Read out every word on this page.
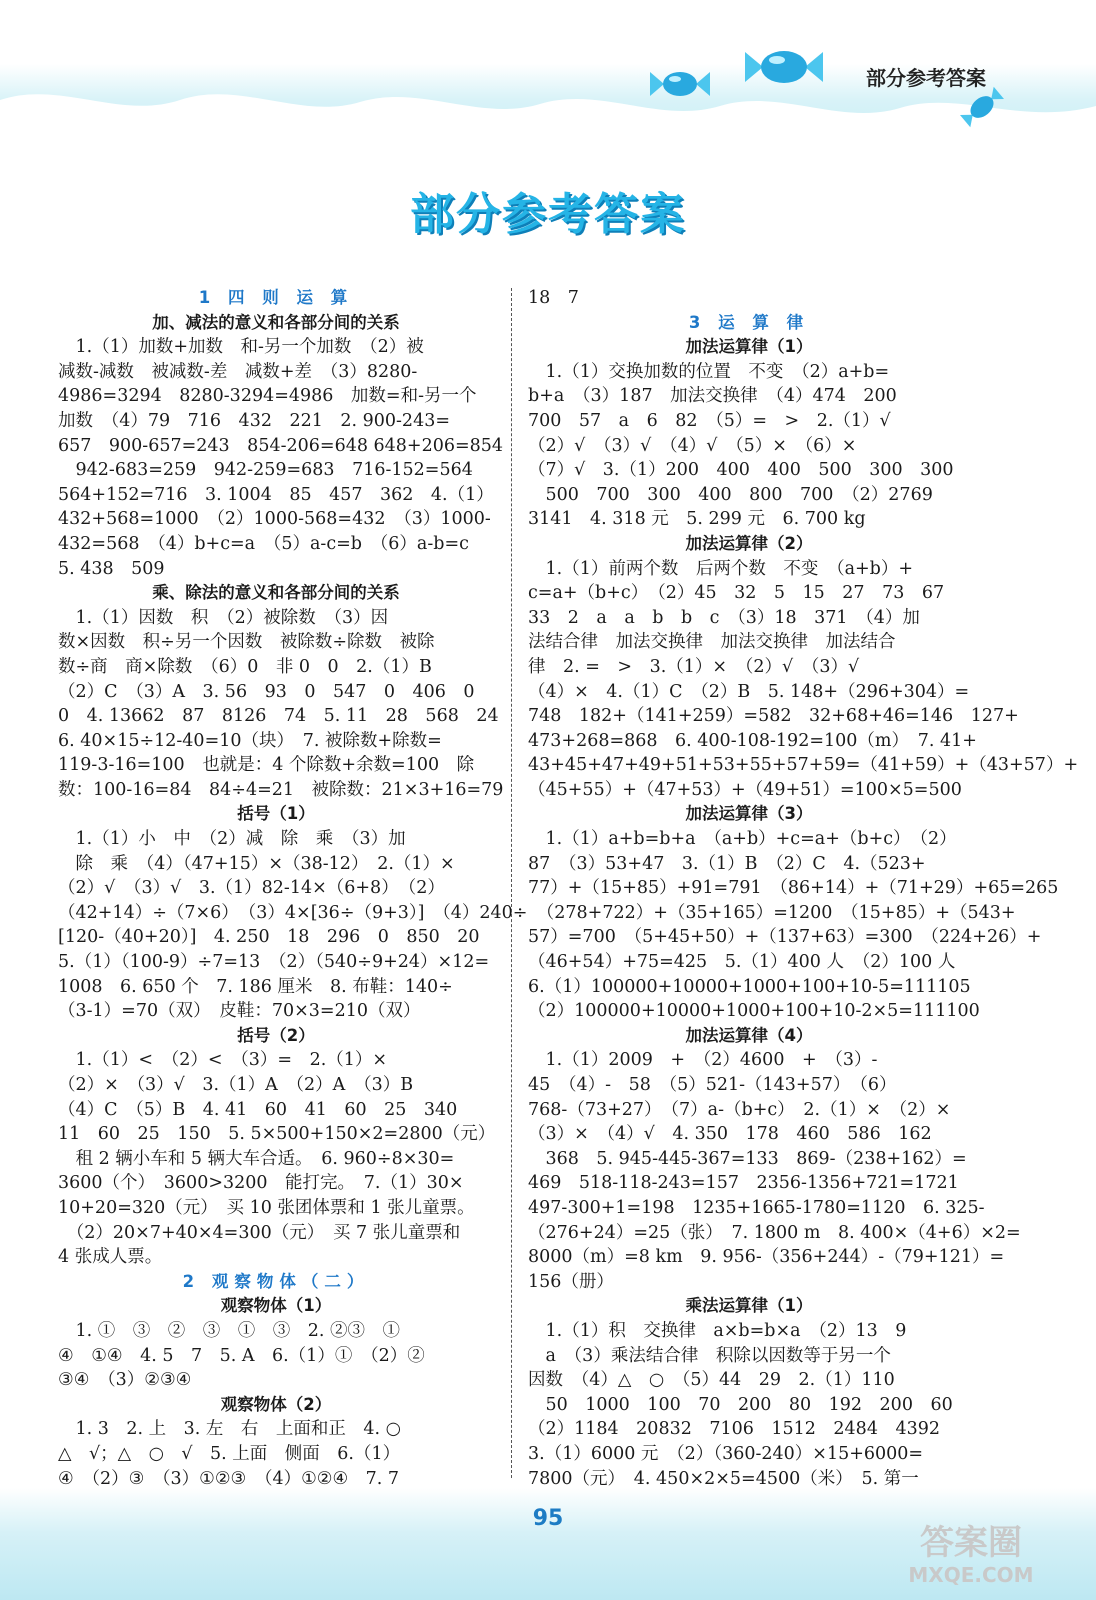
部分参考答案
部分参考答案
1 四 则 运 算
加、减法的意义和各部分间的关系
　1.（1）加数+加数　和-另一个加数　（2）被
减数-减数　被减数-差　减数+差　（3）8280-
4986=3294　8280-3294=4986　加数=和-另一个
加数　（4）79　716　432　221　2. 900-243=
657　900-657=243　854-206=648 648+206=854
　942-683=259　942-259=683　716-152=564
564+152=716　3. 1004　85　457　362　4.（1）
432+568=1000　（2）1000-568=432　（3）1000-
432=568　（4）b+c=a　（5）a-c=b　（6）a-b=c
5. 438　509
乘、除法的意义和各部分间的关系
　1.（1）因数　积　（2）被除数　（3）因
数×因数　积÷另一个因数　被除数÷除数　被除
数÷商　商×除数　（6）0　非 0　0　2.（1）B
（2）C　（3）A　3. 56　93　0　547　0　406　0
0　4. 13662　87　8126　74　5. 11　28　568　24
6. 40×15÷12-40=10（块）　7. 被除数+除数=
119-3-16=100　也就是：4 个除数+余数=100　除
数：100-16=84　84÷4=21　被除数：21×3+16=79
括号（1）
　1.（1）小　中　（2）减　除　乘　（3）加
　除　乘　（4）（47+15）×（38-12）　2.（1）×
（2）√　（3）√　3.（1）82-14×（6+8）　（2）
（42+14）÷（7×6）　（3）4×[36÷（9+3）]　（4）240÷
[120-（40+20）]　4. 250　18　296　0　850　20
5.（1）（100-9）÷7=13　（2）（540÷9+24）×12=
1008　6. 650 个　7. 186 厘米　8. 布鞋：140÷
（3-1）=70（双）　皮鞋：70×3=210（双）
括号（2）
　1.（1）<　（2）<　（3）=　2.（1）×
（2）×　（3）√　3.（1）A　（2）A　（3）B
（4）C　（5）B　4. 41　60　41　60　25　340
11　60　25　150　5. 5×500+150×2=2800（元）
　租 2 辆小车和 5 辆大车合适。　6. 960÷8×30=
3600（个）　3600>3200　能打完。　7.（1）30×
10+20=320（元）　买 10 张团体票和 1 张儿童票。
　（2）20×7+40×4=300（元）　买 7 张儿童票和
4 张成人票。
2 观察物体（二）
观察物体（1）
　1. ①　③　②　③　①　③　2. ②③　①
④　①④　4. 5　7　5. A　6.（1）①　（2）②
③④　（3）②③④
观察物体（2）
　1. 3　2. 上　3. 左　右　上面和正　4. ○
△　√；△　○　√　5. 上面　侧面　6.（1）
④　（2）③　（3）①②③　（4）①②④　7. 7
18　7
3 运 算 律
加法运算律（1）
　1.（1）交换加数的位置　不变　（2）a+b=
b+a　（3）187　加法交换律　（4）474　200
700　57　a　6　82　（5）=　>　2.（1）√
（2）√　（3）√　（4）√　（5）×　（6）×
（7）√　3.（1）200　400　400　500　300　300
　500　700　300　400　800　700　（2）2769
3141　4. 318 元　5. 299 元　6. 700 kg
加法运算律（2）
　1.（1）前两个数　后两个数　不变　（a+b）+
c=a+（b+c）　（2）45　32　5　15　27　73　67
33　2　a　a　b　b　c　（3）18　371　（4）加
法结合律　加法交换律　加法交换律　加法结合
律　2. =　>　3.（1）×　（2）√　（3）√
（4）×　4.（1）C　（2）B　5. 148+（296+304）=
748　182+（141+259）=582　32+68+46=146　127+
473+268=868　6. 400-108-192=100（m）　7. 41+
43+45+47+49+51+53+55+57+59=（41+59）+（43+57）+
（45+55）+（47+53）+（49+51）=100×5=500
加法运算律（3）
　1.（1）a+b=b+a　（a+b）+c=a+（b+c）　（2）
87　（3）53+47　3.（1）B　（2）C　4.（523+
77）+（15+85）+91=791　（86+14）+（71+29）+65=265
　（278+722）+（35+165）=1200　（15+85）+（543+
57）=700　（5+45+50）+（137+63）=300　（224+26）+
（46+54）+75=425　5.（1）400 人　（2）100 人
6.（1）100000+10000+1000+100+10-5=111105
（2）100000+10000+1000+100+10-2×5=111100
加法运算律（4）
　1.（1）2009　+　（2）4600　+　（3）-
45　（4）-　58　（5）521-（143+57）　（6）
768-（73+27）　（7）a-（b+c）　2.（1）×　（2）×
（3）×　（4）√　4. 350　178　460　586　162
　368　5. 945-445-367=133　869-（238+162）=
469　518-118-243=157　2356-1356+721=1721
497-300+1=198　1235+1665-1780=1120　6. 325-
（276+24）=25（张）　7. 1800 m　8. 400×（4+6）×2=
8000（m）=8 km　9. 956-（356+244）-（79+121）=
156（册）
乘法运算律（1）
　1.（1）积　交换律　a×b=b×a　（2）13　9
　a　（3）乘法结合律　积除以因数等于另一个
因数　（4）△　○　（5）44　29　2.（1）110
　50　1000　100　70　200　80　192　200　60
（2）1184　20832　7106　1512　2484　4392
3.（1）6000 元　（2）（360-240）×15+6000=
7800（元）　4. 450×2×5=4500（米）　5. 第一
95
答案圈
MXQE.COM
